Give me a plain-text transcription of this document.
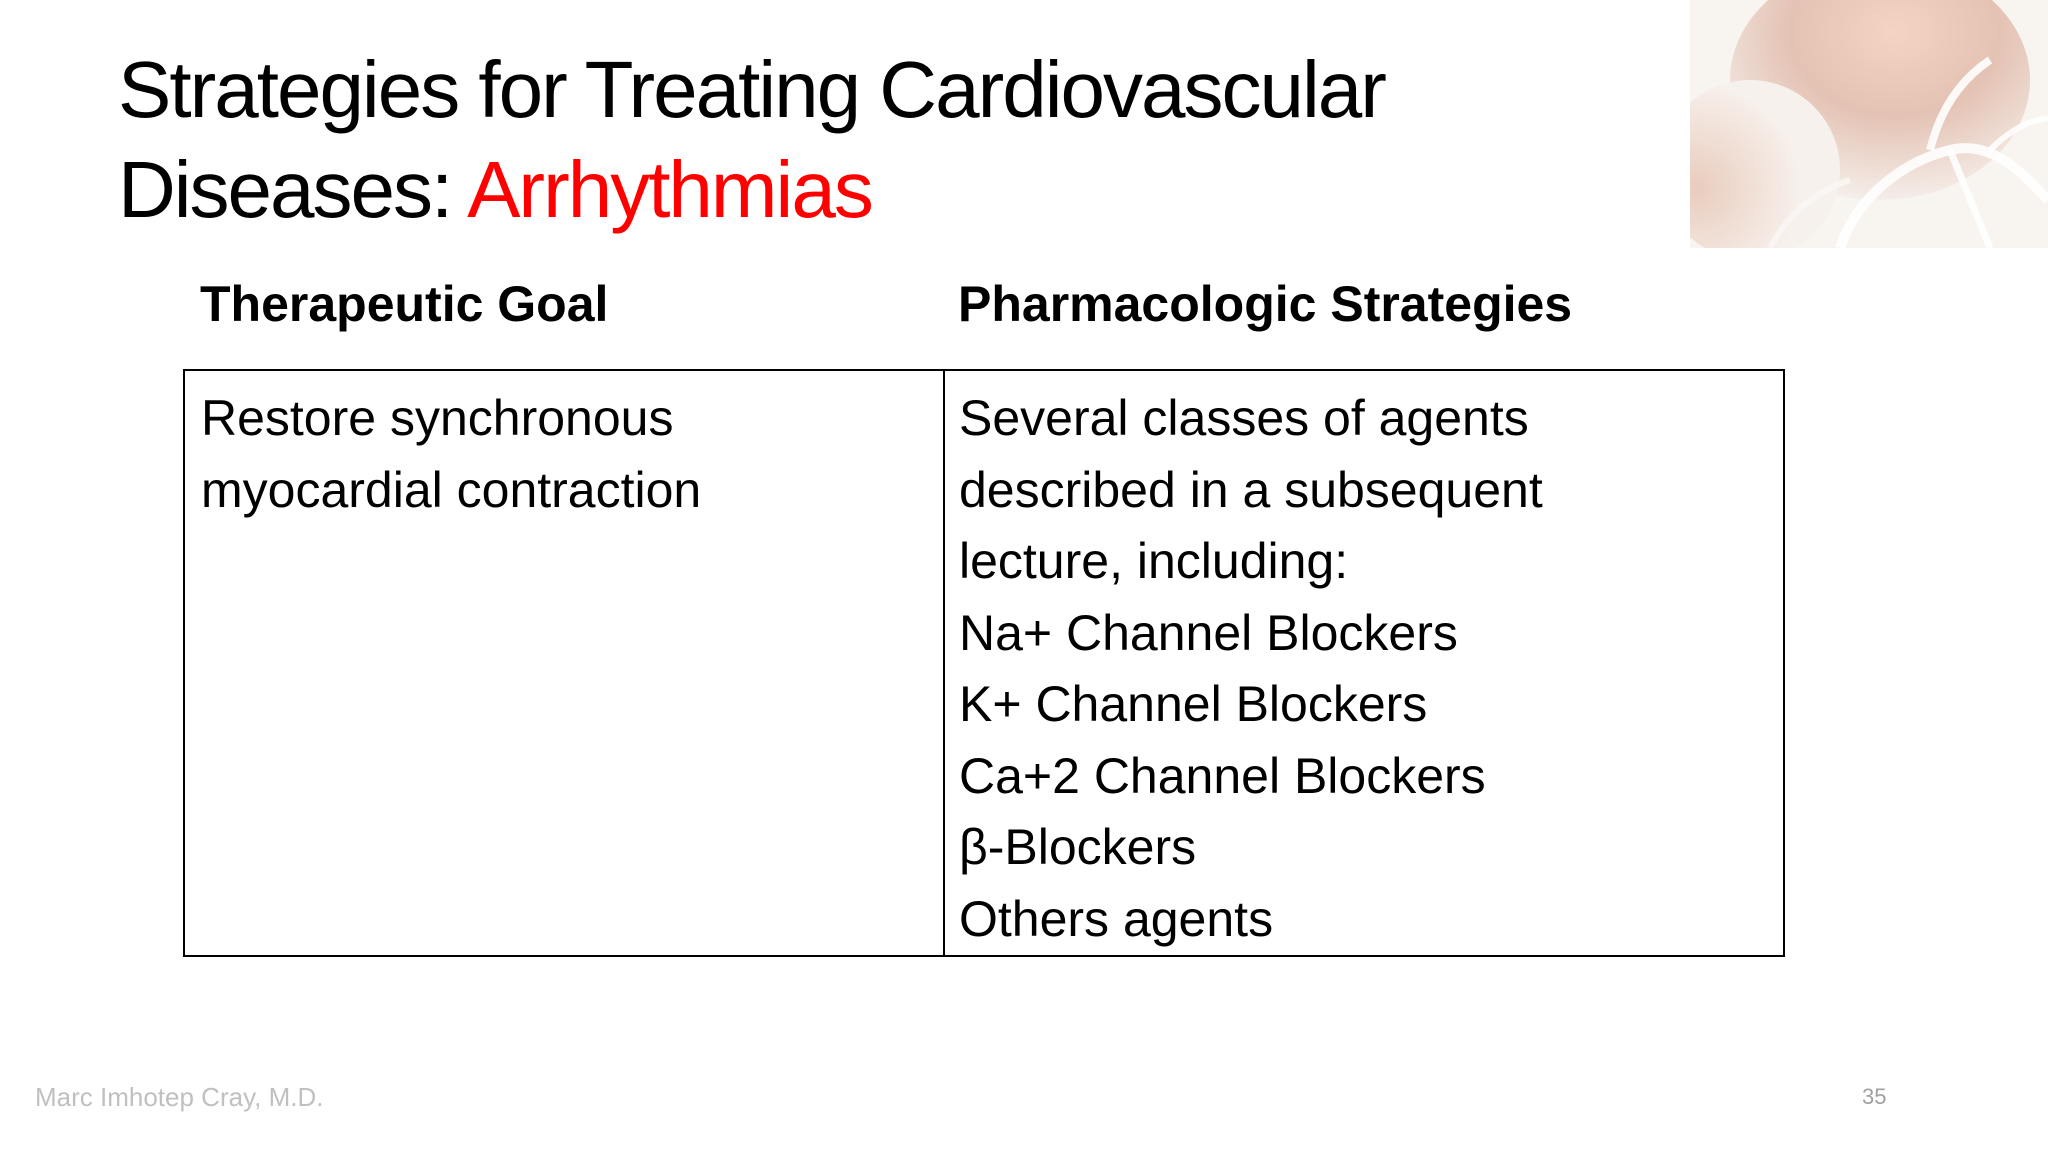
Strategies for Treating Cardiovascular
Diseases: Arrhythmias
Therapeutic Goal	Pharmacologic Strategies
Restore synchronous
myocardial contraction
Several classes of agents
described in a subsequent
lecture, including:
Na+ Channel Blockers
K+ Channel Blockers
Ca+2 Channel Blockers
β-Blockers
Others agents
Marc Imhotep Cray, M.D.	35
